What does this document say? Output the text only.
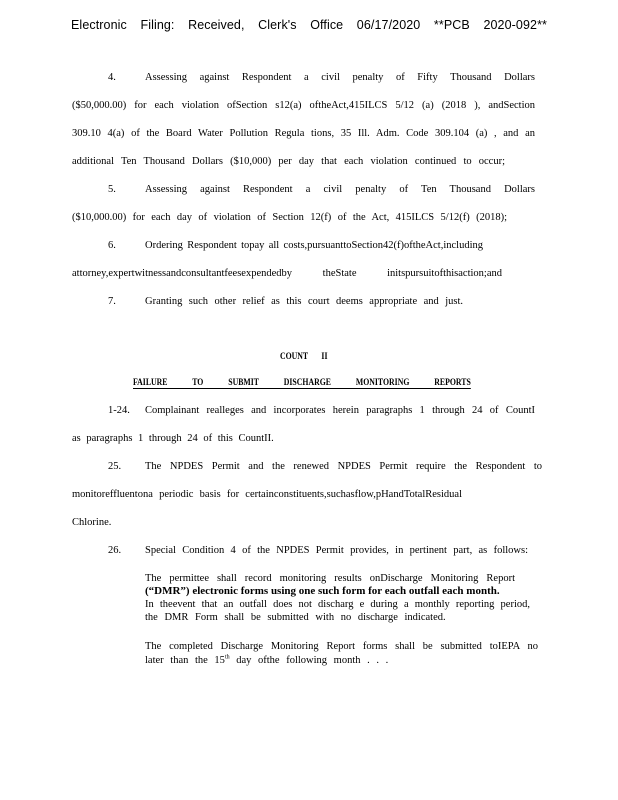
Electronic Filing: Received, Clerk's Office 06/17/2020 **PCB 2020-092**
4.	Assessing against Respondent a civil penalty of Fifty Thousand Dollars
($50,000.00) for each violation ofSection s12(a) oftheAct,415ILCS 5/12 (a) (2018 ), andSection
309.10 4(a) of the Board Water Pollution Regula tions, 35 Ill. Adm. Code 309.104 (a) , and an
additional Ten Thousand Dollars ($10,000) per day that each violation continued to occur;
5.	Assessing against Respondent a civil penalty of Ten Thousand Dollars
($10,000.00) for each day of violation of Section 12(f) of the Act, 415ILCS 5/12(f) (2018);
6.	Ordering Respondent topay all costs,pursuanttoSection42(f)oftheAct,including
attorney,expertwitnessandconsultantfeesexpendedby theState initspursuitofthisaction;and
7.	Granting such other relief as this court deems appropriate and just.
COUNT II
FAILURE TO SUBMIT DISCHARGE MONITORING REPORTS
1-24. Complainant realleges and incorporates herein paragraphs 1 through 24 of CountI
as paragraphs 1 through 24 of this CountII.
25. The NPDES Permit and the renewed NPDES Permit require the Respondent to
monitoreffluentona periodic basis for certainconstituents,suchasflow,pHandTotalResidual
Chlorine.
26. Special Condition 4 of the NPDES Permit provides, in pertinent part, as follows:
The permittee shall record monitoring results onDischarge Monitoring Report
(“DMR”) electronic forms using one such form for each outfall each month.
In theevent that an outfall does not discharg e during a monthly reporting period,
the DMR Form shall be submitted with no discharge indicated.
The completed Discharge Monitoring Report forms shall be submitted toIEPA no
later than the 15th day ofthe following month . . .
